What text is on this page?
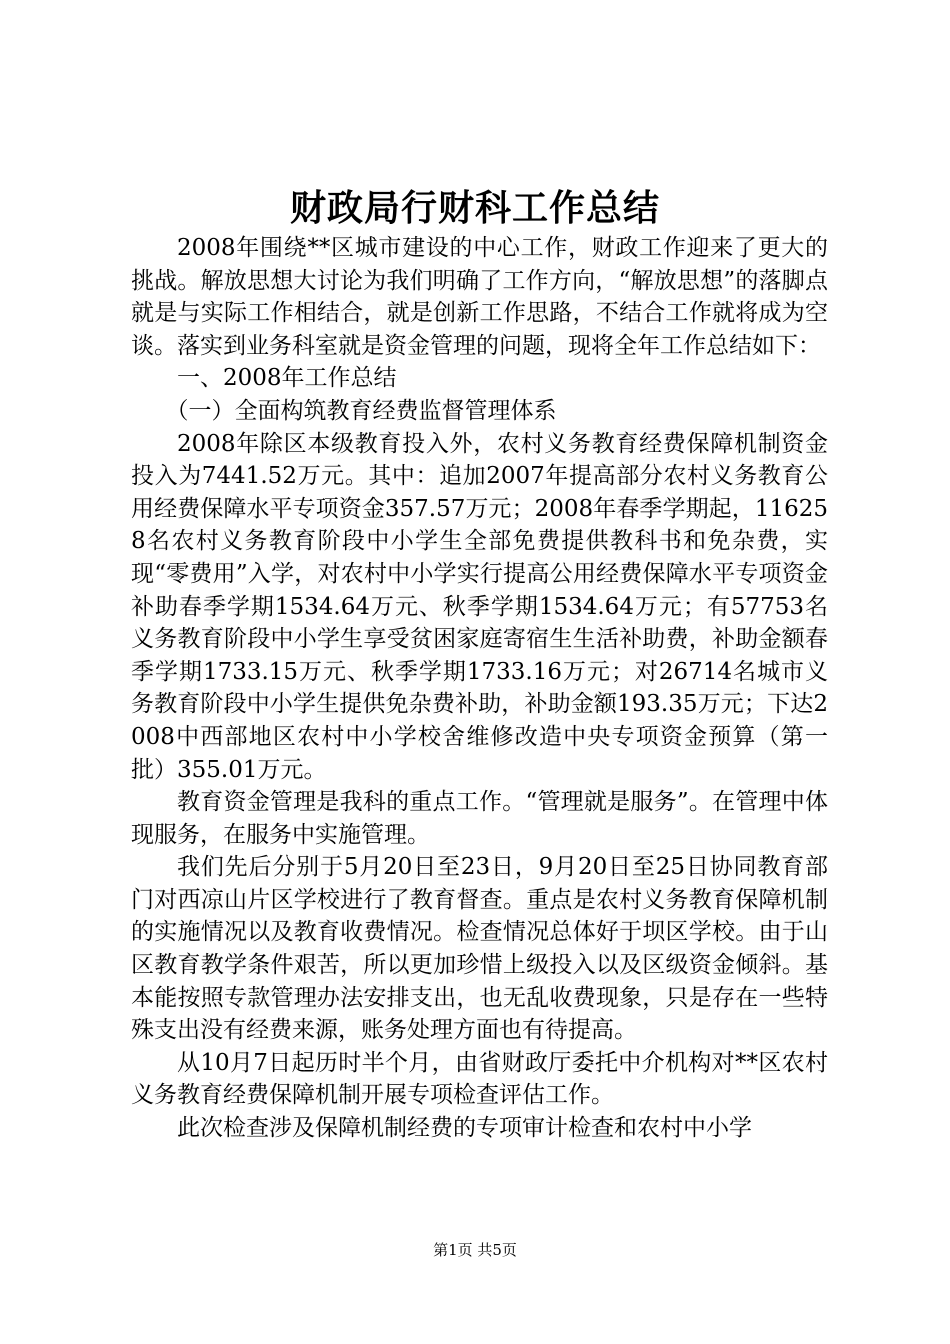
财政局行财科工作总结

2008年围绕**区城市建设的中心工作，财政工作迎来了更大的挑战。解放思想大讨论为我们明确了工作方向，“解放思想”的落脚点就是与实际工作相结合，就是创新工作思路，不结合工作就将成为空谈。落实到业务科室就是资金管理的问题，现将全年工作总结如下：

一、2008年工作总结

（一）全面构筑教育经费监督管理体系

2008年除区本级教育投入外，农村义务教育经费保障机制资金投入为7441.52万元。其中：追加2007年提高部分农村义务教育公用经费保障水平专项资金357.57万元；2008年春季学期起，116258名农村义务教育阶段中小学生全部免费提供教科书和免杂费，实现“零费用”入学，对农村中小学实行提高公用经费保障水平专项资金补助春季学期1534.64万元、秋季学期1534.64万元；有57753名义务教育阶段中小学生享受贫困家庭寄宿生生活补助费，补助金额春季学期1733.15万元、秋季学期1733.16万元；对26714名城市义务教育阶段中小学生提供免杂费补助，补助金额193.35万元；下达2008中西部地区农村中小学校舍维修改造中央专项资金预算（第一批）355.01万元。

教育资金管理是我科的重点工作。“管理就是服务”。在管理中体现服务，在服务中实施管理。

我们先后分别于5月20日至23日，9月20日至25日协同教育部门对西凉山片区学校进行了教育督查。重点是农村义务教育保障机制的实施情况以及教育收费情况。检查情况总体好于坝区学校。由于山区教育教学条件艰苦，所以更加珍惜上级投入以及区级资金倾斜。基本能按照专款管理办法安排支出，也无乱收费现象，只是存在一些特殊支出没有经费来源，账务处理方面也有待提高。

从10月7日起历时半个月，由省财政厅委托中介机构对**区农村义务教育经费保障机制开展专项检查评估工作。

此次检查涉及保障机制经费的专项审计检查和农村中小学

第1页 共5页
